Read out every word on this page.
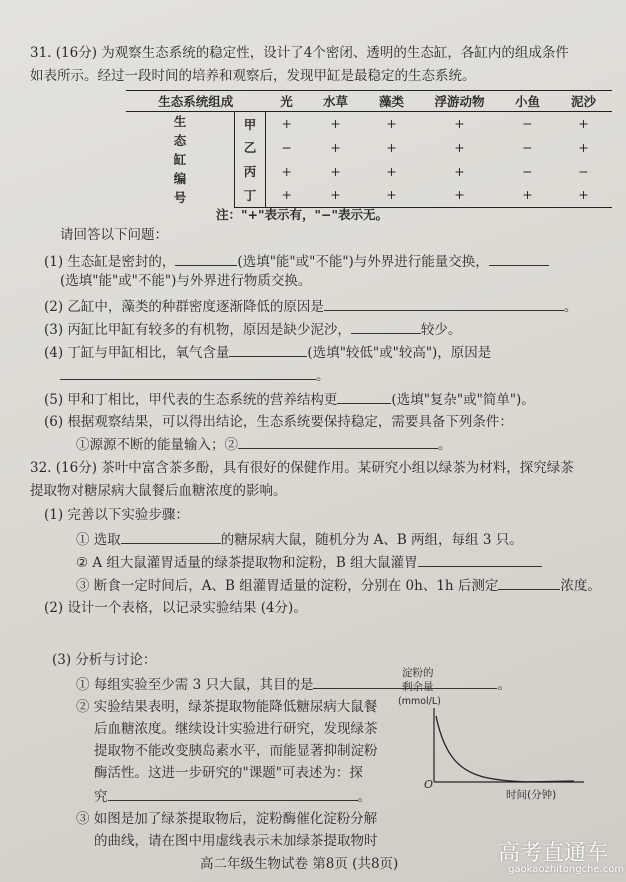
31. (16分) 为观察生态系统的稳定性，设计了4个密闭、透明的生态缸，各缸内的组成条件
如表所示。经过一段时间的培养和观察后，发现甲缸是最稳定的生态系统。
生态系统组成		光	水草	藻类	浮游动物	小鱼	泥沙
生
态
缸
编
号	甲	+	+	+	+	−	+
	乙	−	+	+	+	−	+
	丙	+	+	+	+	−	−
	丁	+	+	+	+	+	+
注："+"表示有，"−"表示无。
请回答以下问题：
(1) 生态缸是密封的，	(选填"能"或"不能")与外界进行能量交换，
(选填"能"或"不能")与外界进行物质交换。
(2) 乙缸中，藻类的种群密度逐渐降低的原因是	。
(3) 丙缸比甲缸有较多的有机物，原因是缺少泥沙，	较少。
(4) 丁缸与甲缸相比，氧气含量	(选填"较低"或"较高")，原因是
。
(5) 甲和丁相比，甲代表的生态系统的营养结构更	(选填"复杂"或"简单")。
(6) 根据观察结果，可以得出结论，生态系统要保持稳定，需要具备下列条件：
①源源不断的能量输入；②	。
32. (16分) 茶叶中富含茶多酚，具有很好的保健作用。某研究小组以绿茶为材料，探究绿茶
提取物对糖尿病大鼠餐后血糖浓度的影响。
(1) 完善以下实验步骤：
① 选取	的糖尿病大鼠，随机分为 A、B 两组，每组 3 只。
② A 组大鼠灌胃适量的绿茶提取物和淀粉，B 组大鼠灌胃
③ 断食一定时间后，A、B 组灌胃适量的淀粉，分别在 0h、1h 后测定	浓度。
(2) 设计一个表格，以记录实验结果 (4分)。
(3) 分析与讨论：
① 每组实验至少需 3 只大鼠，其目的是	。
② 实验结果表明，绿茶提取物能降低糖尿病大鼠餐
后血糖浓度。继续设计实验进行研究，发现绿茶
提取物不能改变胰岛素水平，而能显著抑制淀粉
酶活性。这进一步研究的"课题"可表述为：探
究	。
③ 如图是加了绿茶提取物后，淀粉酶催化淀粉分解
的曲线，请在图中用虚线表示未加绿茶提取物时
淀粉的
剩余量
(mmol/L)
O
时间(分钟)
高二年级生物试卷 第8页 (共8页)	高考直通车
gaokaozhitongche.com
